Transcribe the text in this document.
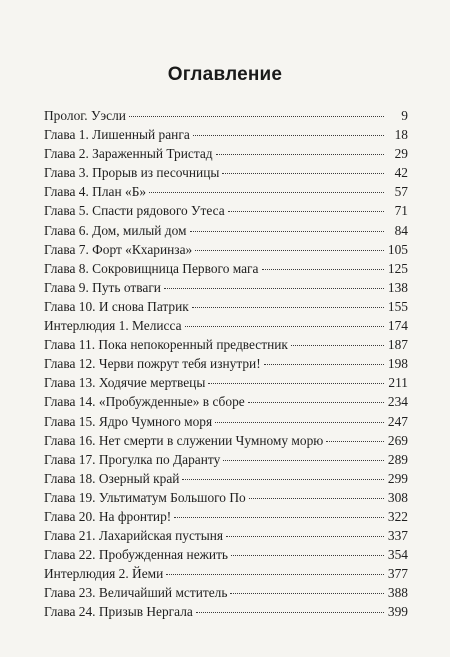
Оглавление
Пролог. Уэсли	9
Глава 1. Лишенный ранга	18
Глава 2. Зараженный Тристад	29
Глава 3. Прорыв из песочницы	42
Глава 4. План «Б»	57
Глава 5. Спасти рядового Утеса	71
Глава 6. Дом, милый дом	84
Глава 7. Форт «Кхаринза»	105
Глава 8. Сокровищница Первого мага	125
Глава 9. Путь отваги	138
Глава 10. И снова Патрик	155
Интерлюдия 1. Мелисса	174
Глава 11. Пока непокоренный предвестник	187
Глава 12. Черви пожрут тебя изнутри!	198
Глава 13. Ходячие мертвецы	211
Глава 14. «Пробужденные» в сборе	234
Глава 15. Ядро Чумного моря	247
Глава 16. Нет смерти в служении Чумному морю	269
Глава 17. Прогулка по Даранту	289
Глава 18. Озерный край	299
Глава 19. Ультиматум Большого По	308
Глава 20. На фронтир!	322
Глава 21. Лахарийская пустыня	337
Глава 22. Пробужденная нежить	354
Интерлюдия 2. Йеми	377
Глава 23. Величайший мститель	388
Глава 24. Призыв Нергала	399
